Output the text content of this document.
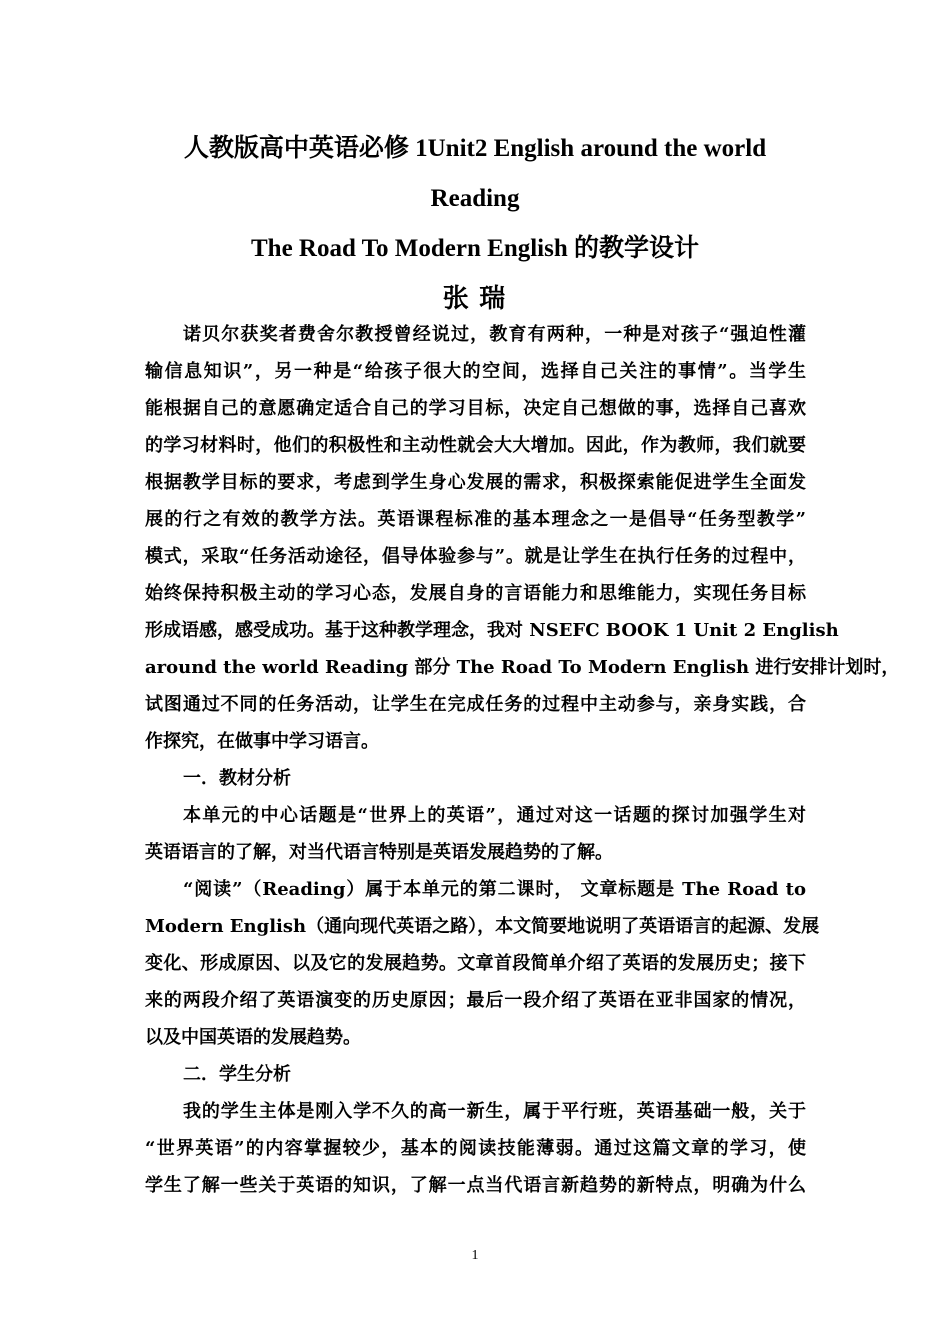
人教版高中英语必修 1Unit2 English around the world
Reading
The Road To Modern English 的教学设计
张 瑞
诺贝尔获奖者费舍尔教授曾经说过，教育有两种，一种是对孩子“强迫性灌
输信息知识”，另一种是“给孩子很大的空间，选择自己关注的事情”。当学生
能根据自己的意愿确定适合自己的学习目标，决定自己想做的事，选择自己喜欢
的学习材料时，他们的积极性和主动性就会大大增加。因此，作为教师，我们就要
根据教学目标的要求，考虑到学生身心发展的需求，积极探索能促进学生全面发
展的行之有效的教学方法。英语课程标准的基本理念之一是倡导“任务型教学”
模式，采取“任务活动途径，倡导体验参与”。就是让学生在执行任务的过程中，
始终保持积极主动的学习心态，发展自身的言语能力和思维能力，实现任务目标
形成语感，感受成功。基于这种教学理念，我对 NSEFC BOOK 1 Unit 2 English
around the world Reading 部分 The Road To Modern English 进行安排计划时，
试图通过不同的任务活动，让学生在完成任务的过程中主动参与，亲身实践，合
作探究，在做事中学习语言。
一．教材分析
本单元的中心话题是“世界上的英语”，通过对这一话题的探讨加强学生对
英语语言的了解，对当代语言特别是英语发展趋势的了解。
“阅读”（Reading）属于本单元的第二课时， 文章标题是 The Road to
Modern English（通向现代英语之路），本文简要地说明了英语语言的起源、发展
变化、形成原因、以及它的发展趋势。文章首段简单介绍了英语的发展历史；接下
来的两段介绍了英语演变的历史原因；最后一段介绍了英语在亚非国家的情况，
以及中国英语的发展趋势。
二．学生分析
我的学生主体是刚入学不久的高一新生，属于平行班，英语基础一般，关于
“世界英语”的内容掌握较少，基本的阅读技能薄弱。通过这篇文章的学习，使
学生了解一些关于英语的知识，了解一点当代语言新趋势的新特点，明确为什么
1
